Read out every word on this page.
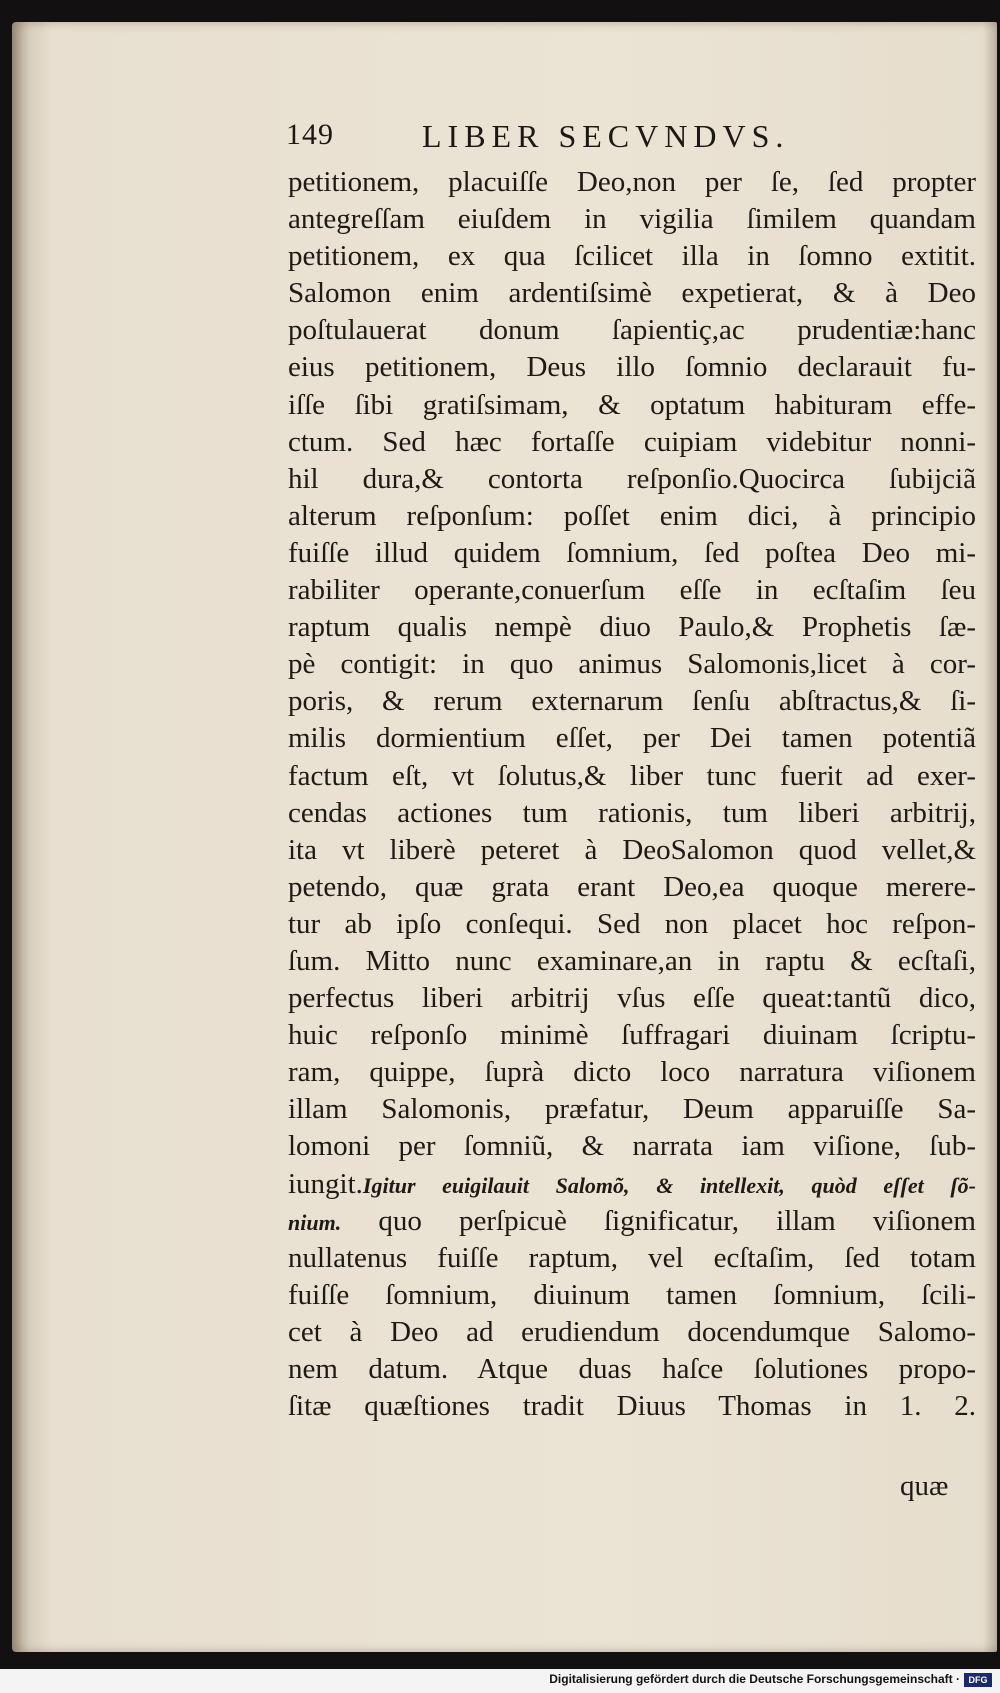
149	LIBER SECVNDVS.
petitionem, placuiſſe Deo,non per ſe, ſed propter
antegreſſam eiuſdem in vigilia ſimilem quandam
petitionem, ex qua ſcilicet illa in ſomno extitit.
Salomon enim ardentiſsimè expetierat, & à Deo
poſtulauerat donum ſapientiç,ac prudentiæ:hanc
eius petitionem, Deus illo ſomnio declarauit fu-
iſſe ſibi gratiſsimam, & optatum habituram effe-
ctum. Sed hæc fortaſſe cuipiam videbitur nonni-
hil dura,& contorta reſponſio.Quocirca ſubijciã
alterum reſponſum: poſſet enim dici, à principio
fuiſſe illud quidem ſomnium, ſed poſtea Deo mi-
rabiliter operante,conuerſum eſſe in ecſtaſim ſeu
raptum qualis nempè diuo Paulo,& Prophetis ſæ-
pè contigit: in quo animus Salomonis,licet à cor-
poris, & rerum externarum ſenſu abſtractus,& ſi-
milis dormientium eſſet, per Dei tamen potentiã
factum eſt, vt ſolutus,& liber tunc fuerit ad exer-
cendas actiones tum rationis, tum liberi arbitrij,
ita vt liberè peteret à DeoSalomon quod vellet,&
petendo, quæ grata erant Deo,ea quoque merere-
tur ab ipſo conſequi. Sed non placet hoc reſpon-
ſum. Mitto nunc examinare,an in raptu & ecſtaſi,
perfectus liberi arbitrij vſus eſſe queat:tantũ dico,
huic reſponſo minimè ſuffragari diuinam ſcriptu-
ram, quippe, ſuprà dicto loco narratura viſionem
illam Salomonis, præfatur, Deum apparuiſſe Sa-
lomoni per ſomniũ, & narrata iam viſione, ſub-
iungit.Igitur euigilauit Salomõ, & intellexit, quòd eſſet ſõ-
nium. quo perſpicuè ſignificatur, illam viſionem
nullatenus fuiſſe raptum, vel ecſtaſim, ſed totam
fuiſſe ſomnium, diuinum tamen ſomnium, ſcili-
cet à Deo ad erudiendum docendumque Salomo-
nem datum. Atque duas haſce ſolutiones propo-
ſitæ quæſtiones tradit Diuus Thomas in 1. 2.
quæ
Digitalisierung gefördert durch die Deutsche Forschungsgemeinschaft · DFG
